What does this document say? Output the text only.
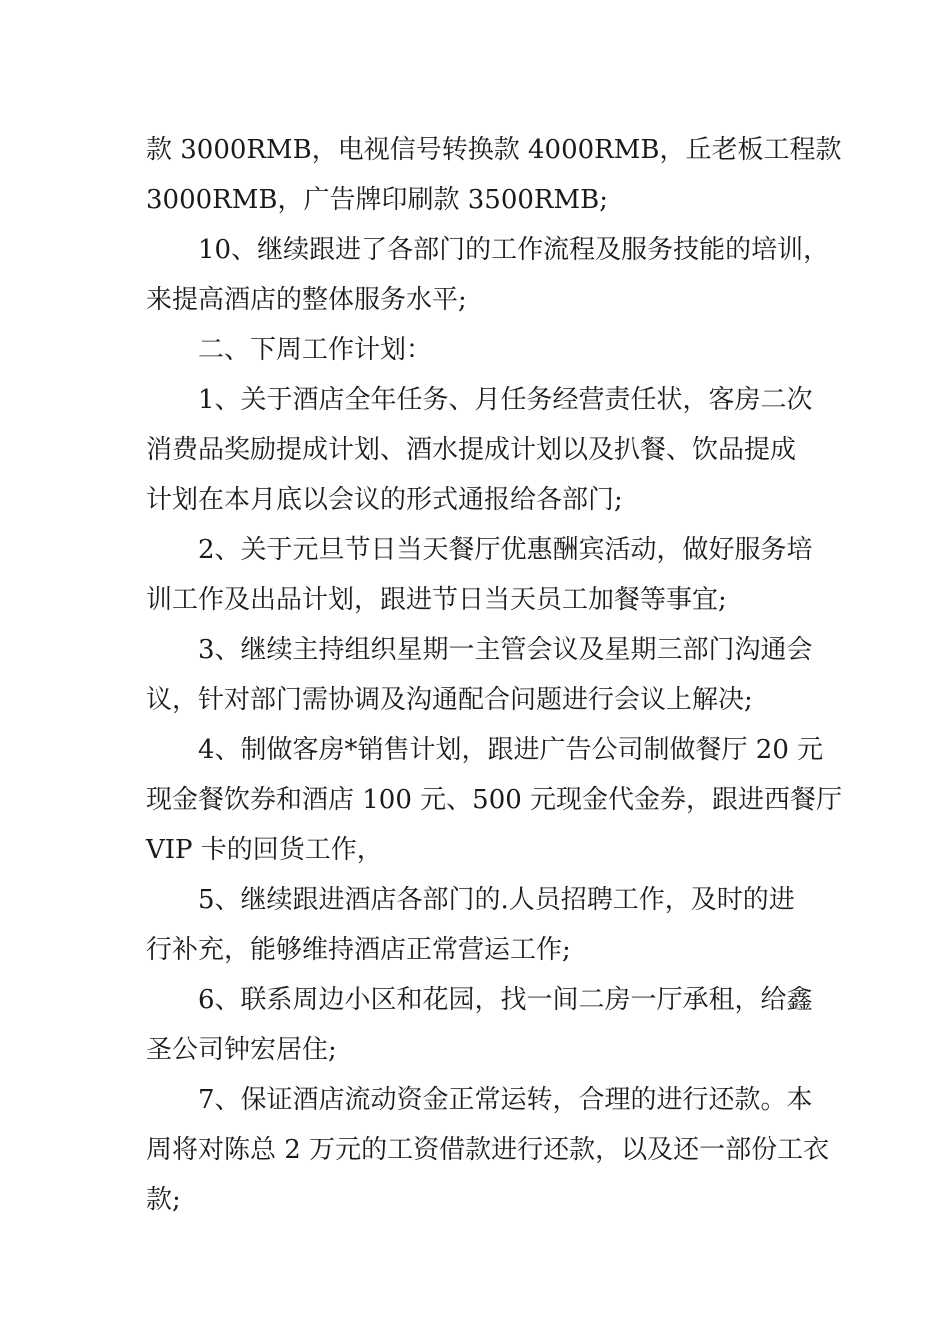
款 3000RMB，电视信号转换款 4000RMB，丘老板工程款
3000RMB，广告牌印刷款 3500RMB;
10、继续跟进了各部门的工作流程及服务技能的培训，
来提高酒店的整体服务水平;
二、下周工作计划：
1、关于酒店全年任务、月任务经营责任状，客房二次
消费品奖励提成计划、酒水提成计划以及扒餐、饮品提成
计划在本月底以会议的形式通报给各部门;
2、关于元旦节日当天餐厅优惠酬宾活动，做好服务培
训工作及出品计划，跟进节日当天员工加餐等事宜;
3、继续主持组织星期一主管会议及星期三部门沟通会
议，针对部门需协调及沟通配合问题进行会议上解决;
4、制做客房*销售计划，跟进广告公司制做餐厅 20 元
现金餐饮券和酒店 100 元、500 元现金代金券，跟进西餐厅
VIP 卡的回货工作，
5、继续跟进酒店各部门的.人员招聘工作，及时的进
行补充，能够维持酒店正常营运工作;
6、联系周边小区和花园，找一间二房一厅承租，给鑫
圣公司钟宏居住;
7、保证酒店流动资金正常运转，合理的进行还款。本
周将对陈总 2 万元的工资借款进行还款，以及还一部份工衣
款;
